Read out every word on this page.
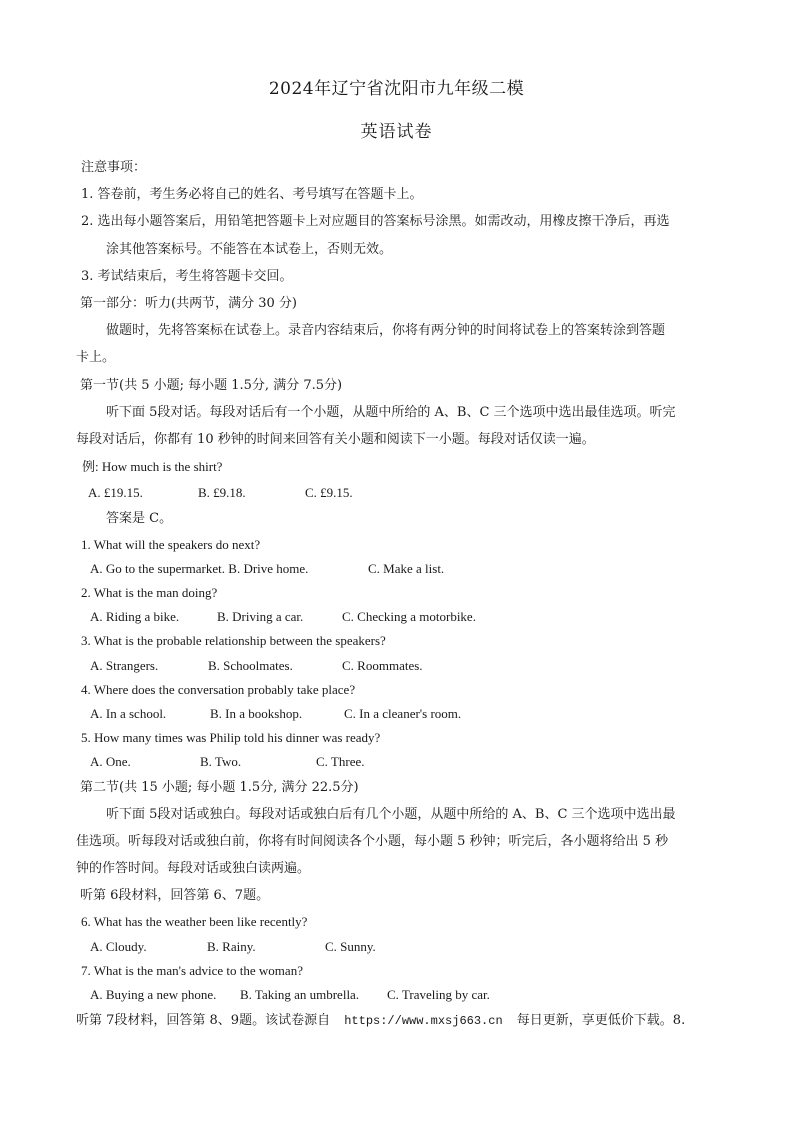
2024年辽宁省沈阳市九年级二模
英语试卷
注意事项：
1. 答卷前，考生务必将自己的姓名、考号填写在答题卡上。
2. 选出每小题答案后，用铅笔把答题卡上对应题目的答案标号涂黑。如需改动，用橡皮擦干净后，再选
涂其他答案标号。不能答在本试卷上，否则无效。
3. 考试结束后，考生将答题卡交回。
第一部分：听力(共两节，满分 30 分)
做题时，先将答案标在试卷上。录音内容结束后，你将有两分钟的时间将试卷上的答案转涂到答题
卡上。
第一节(共 5 小题; 每小题 1.5分, 满分 7.5分)
听下面 5段对话。每段对话后有一个小题，从题中所给的 A、B、C 三个选项中选出最佳选项。听完
每段对话后，你都有 10 秒钟的时间来回答有关小题和阅读下一小题。每段对话仅读一遍。
例: How much is the shirt?
A. £19.15.	B. £9.18.	C. £9.15.
答案是 C。
1. What will the speakers do next?
A. Go to the supermarket. B. Drive home.	C. Make a list.
2. What is the man doing?
A. Riding a bike.	B. Driving a car.	C. Checking a motorbike.
3. What is the probable relationship between the speakers?
A. Strangers.	B. Schoolmates.	C. Roommates.
4. Where does the conversation probably take place?
A. In a school.	B. In a bookshop.	C. In a cleaner's room.
5. How many times was Philip told his dinner was ready?
A. One.	B. Two.	C. Three.
第二节(共 15 小题; 每小题 1.5分, 满分 22.5分)
听下面 5段对话或独白。每段对话或独白后有几个小题，从题中所给的 A、B、C 三个选项中选出最
佳选项。听每段对话或独白前，你将有时间阅读各个小题，每小题 5 秒钟；听完后，各小题将给出 5 秒
钟的作答时间。每段对话或独白读两遍。
听第 6段材料，回答第 6、7题。
6. What has the weather been like recently?
A. Cloudy.	B. Rainy.	C. Sunny.
7. What is the man's advice to the woman?
A. Buying a new phone. B. Taking an umbrella. C. Traveling by car.
听第 7段材料，回答第 8、9题。该试卷源自 https://www.mxsj663.cn 每日更新，享更低价下载。8.
